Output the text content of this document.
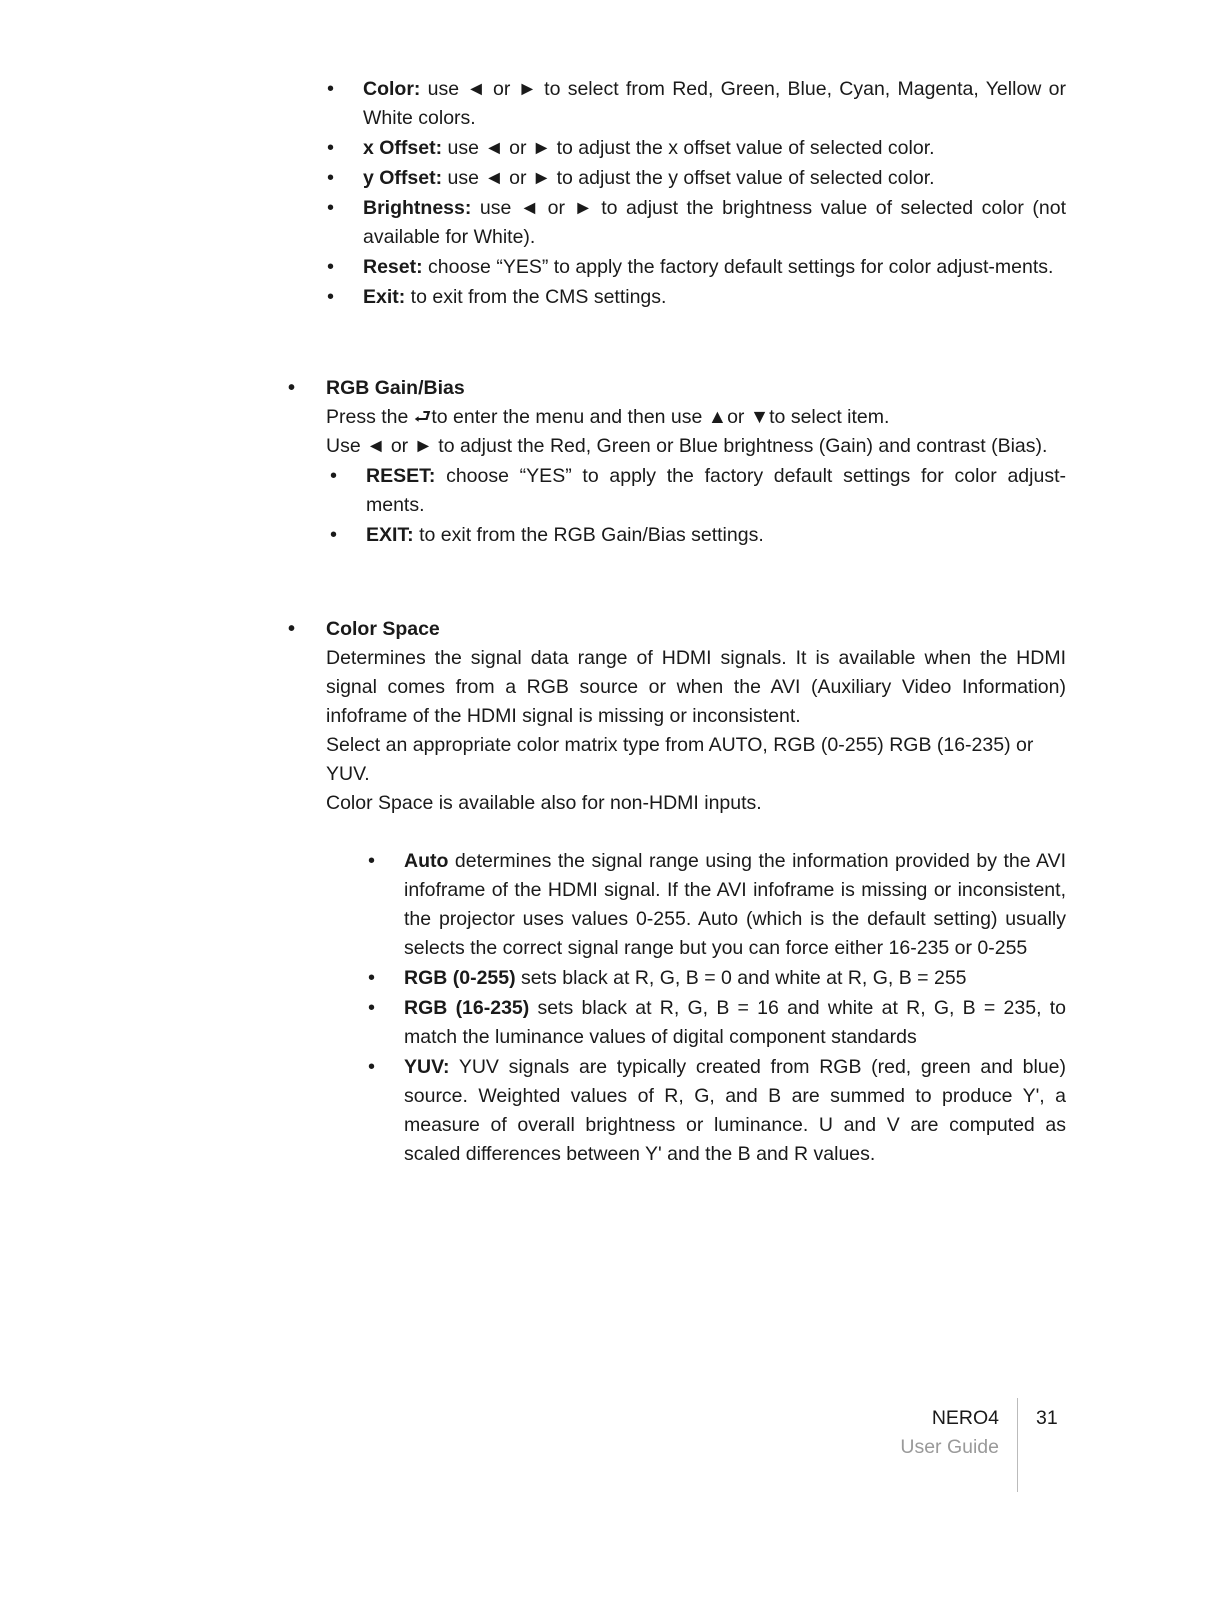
• Color: use ◄ or ► to select from Red, Green, Blue, Cyan, Magenta, Yellow or White colors.
• x Offset: use ◄ or ► to adjust the x offset value of selected color.
• y Offset: use ◄ or ► to adjust the y offset value of selected color.
• Brightness: use ◄ or ► to adjust the brightness value of selected color (not available for White).
• Reset: choose “YES” to apply the factory default settings for color adjust-ments.
• Exit: to exit from the CMS settings.
• RGB Gain/Bias

Press the ⮐to enter the menu and then use ▲or ▼to select item.

Use ◄ or ► to adjust the Red, Green or Blue brightness (Gain) and contrast (Bias).

• RESET: choose “YES” to apply the factory default settings for color adjust-ments.
• EXIT: to exit from the RGB Gain/Bias settings.
• Color Space

Determines the signal data range of HDMI signals. It is available when the HDMI signal comes from a RGB source or when the AVI (Auxiliary Video Information) infoframe of the HDMI signal is missing or inconsistent.

Select an appropriate color matrix type from AUTO, RGB (0-255) RGB (16-235) or YUV.

Color Space is available also for non-HDMI inputs.

• Auto determines the signal range using the information provided by the AVI infoframe of the HDMI signal. If the AVI infoframe is missing or inconsistent, the projector uses values 0-255. Auto (which is the default setting) usually selects the correct signal range but you can force either 16-235 or 0-255
• RGB (0-255) sets black at R, G, B = 0 and white at R, G, B = 255
• RGB (16-235) sets black at R, G, B = 16 and white at R, G, B = 235, to match the luminance values of digital component standards
• YUV: YUV signals are typically created from RGB (red, green and blue) source. Weighted values of R, G, and B are summed to produce Y', a measure of overall brightness or luminance. U and V are computed as scaled differences between Y' and the B and R values.
NERO4
User Guide
31
